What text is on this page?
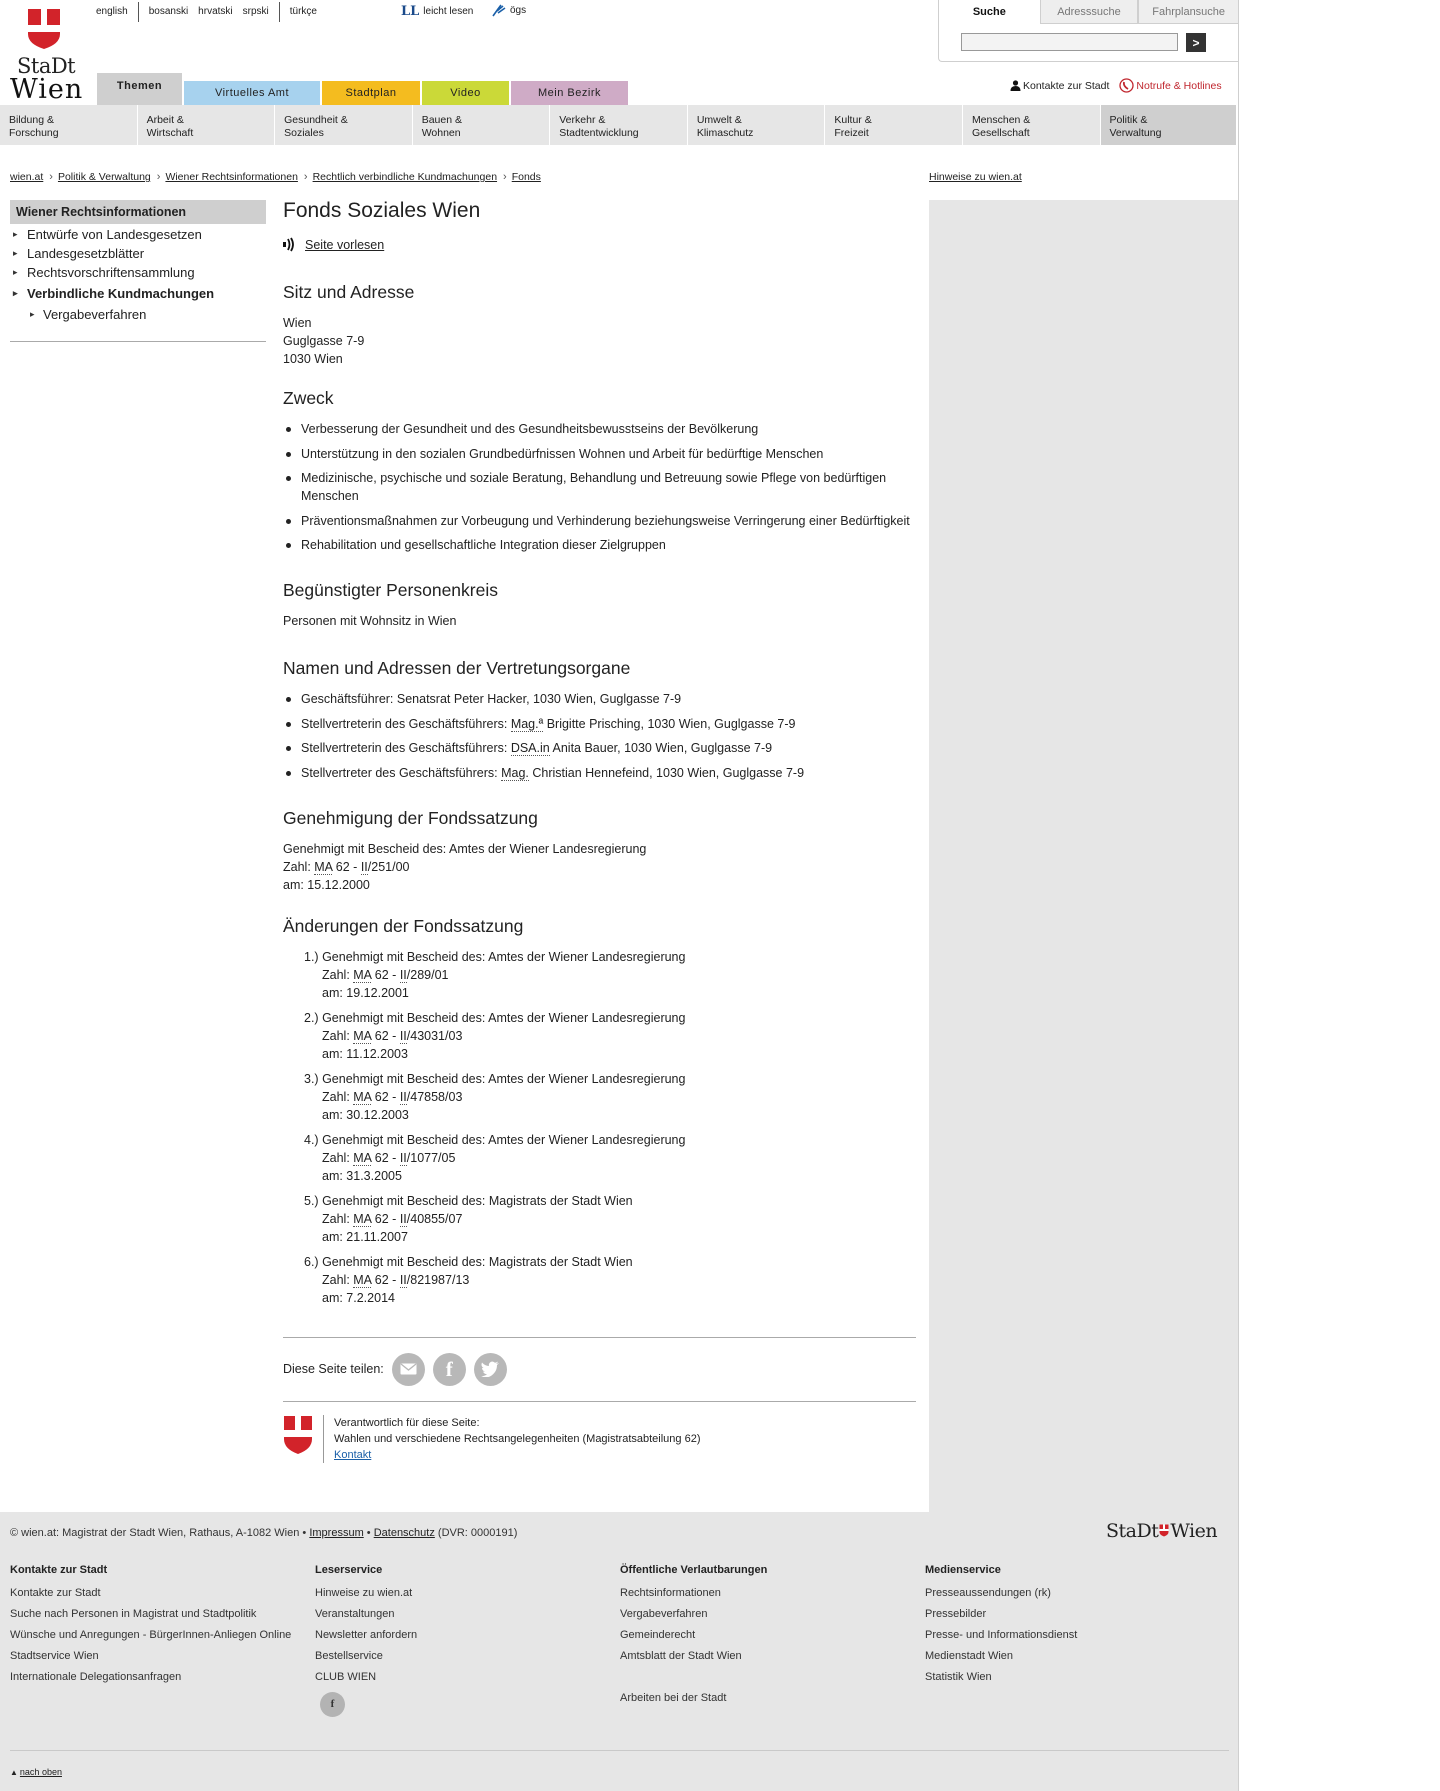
StaDt
Wien
english	bosanski	hrvatski	srpski	türkçe	LL leicht lesen	ögs
Themen
Virtuelles Amt	Stadtplan	Video	Mein Bezirk
Suche	Adresssuche	Fahrplansuche
>
Kontakte zur Stadt	Notrufe & Hotlines
Bildung &
Forschung
Arbeit &
Wirtschaft
Gesundheit &
Soziales
Bauen &
Wohnen
Verkehr &
Stadtentwicklung
Umwelt &
Klimaschutz
Kultur &
Freizeit
Menschen &
Gesellschaft
Politik &
Verwaltung
wien.at › Politik & Verwaltung › Wiener Rechtsinformationen › Rechtlich verbindliche Kundmachungen › Fonds	Hinweise zu wien.at
Wiener Rechtsinformationen
▸ Entwürfe von Landesgesetzen
▸ Landesgesetzblätter
▸ Rechtsvorschriftensammlung
▸ Verbindliche Kundmachungen
▸ Vergabeverfahren
Fonds Soziales Wien
Seite vorlesen
Sitz und Adresse

Wien

Guglgasse 7-9

1030 Wien

Zweck
Verbesserung der Gesundheit und des Gesundheitsbewusstseins der Bevölkerung
Unterstützung in den sozialen Grundbedürfnissen Wohnen und Arbeit für bedürftige Menschen
Medizinische, psychische und soziale Beratung, Behandlung und Betreuung sowie Pflege von bedürftigen Menschen
Präventionsmaßnahmen zur Vorbeugung und Verhinderung beziehungsweise Verringerung einer Bedürftigkeit
Rehabilitation und gesellschaftliche Integration dieser Zielgruppen
Begünstigter Personenkreis

Personen mit Wohnsitz in Wien

Namen und Adressen der Vertretungsorgane
Geschäftsführer: Senatsrat Peter Hacker, 1030 Wien, Guglgasse 7-9
Stellvertreterin des Geschäftsführers: Mag.ª Brigitte Prisching, 1030 Wien, Guglgasse 7-9
Stellvertreterin des Geschäftsführers: DSA.in Anita Bauer, 1030 Wien, Guglgasse 7-9
Stellvertreter des Geschäftsführers: Mag. Christian Hennefeind, 1030 Wien, Guglgasse 7-9
Genehmigung der Fondssatzung

Genehmigt mit Bescheid des: Amtes der Wiener Landesregierung

Zahl: MA 62 - II/251/00

am: 15.12.2000

Änderungen der Fondssatzung
1.) Genehmigt mit Bescheid des: Amtes der Wiener Landesregierung
Zahl: MA 62 - II/289/01
am: 19.12.2001
2.) Genehmigt mit Bescheid des: Amtes der Wiener Landesregierung
Zahl: MA 62 - II/43031/03
am: 11.12.2003
3.) Genehmigt mit Bescheid des: Amtes der Wiener Landesregierung
Zahl: MA 62 - II/47858/03
am: 30.12.2003
4.) Genehmigt mit Bescheid des: Amtes der Wiener Landesregierung
Zahl: MA 62 - II/1077/05
am: 31.3.2005
5.) Genehmigt mit Bescheid des: Magistrats der Stadt Wien
Zahl: MA 62 - II/40855/07
am: 21.11.2007
6.) Genehmigt mit Bescheid des: Magistrats der Stadt Wien
Zahl: MA 62 - II/821987/13
am: 7.2.2014
Diese Seite teilen:	f
Verantwortlich für diese Seite:
Wahlen und verschiedene Rechtsangelegenheiten (Magistratsabteilung 62)
Kontakt
© wien.at: Magistrat der Stadt Wien, Rathaus, A-1082 Wien • Impressum • Datenschutz (DVR: 0000191)	StaDt Wien
Kontakte zur Stadt
Kontakte zur Stadt
Suche nach Personen in Magistrat und Stadtpolitik
Wünsche und Anregungen - BürgerInnen-Anliegen Online
Stadtservice Wien
Internationale Delegationsanfragen
Leserservice
Hinweise zu wien.at
Veranstaltungen
Newsletter anfordern
Bestellservice
CLUB WIEN
f
Öffentliche Verlautbarungen
Rechtsinformationen
Vergabeverfahren
Gemeinderecht
Amtsblatt der Stadt Wien
Arbeiten bei der Stadt
Medienservice
Presseaussendungen (rk)
Pressebilder
Presse- und Informationsdienst
Medienstadt Wien
Statistik Wien
▲ nach oben
